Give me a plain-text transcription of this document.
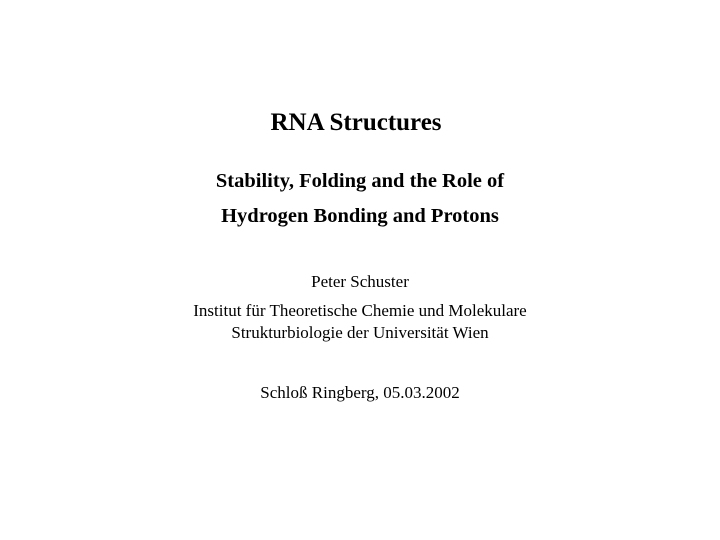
RNA Structures
Stability, Folding and the Role of
Hydrogen Bonding and Protons
Peter Schuster
Institut für Theoretische Chemie und Molekulare
Strukturbiologie der Universität Wien
Schloß Ringberg, 05.03.2002
